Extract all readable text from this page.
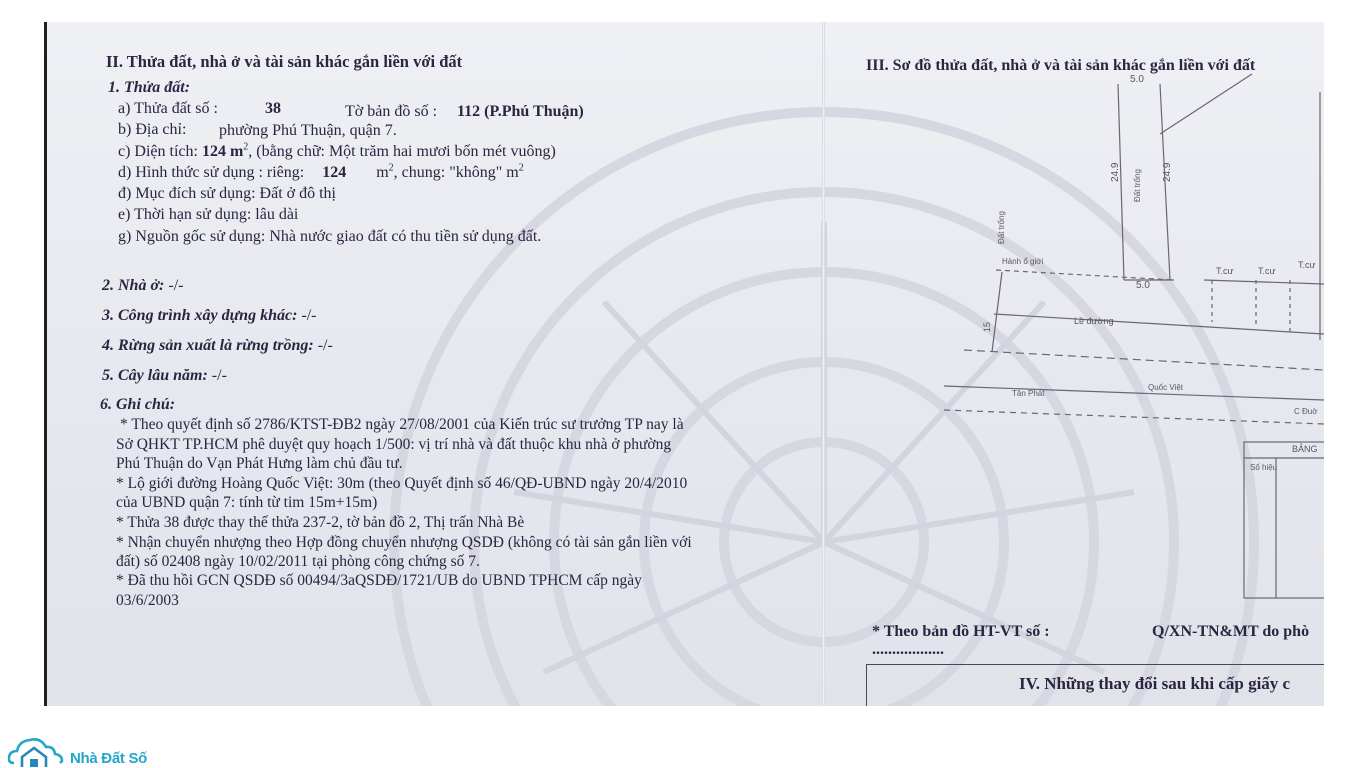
II. Thửa đất, nhà ở và tài sản khác gắn liền với đất
1. Thửa đất:
a) Thửa đất số :	38	Tờ bản đồ số : 112 (P.Phú Thuận)
b) Địa chỉ: phường Phú Thuận, quận 7.
c) Diện tích: 124 $m^2$, (bằng chữ: Một trăm hai mươi bốn mét vuông)
d) Hình thức sử dụng : riêng: 124 $m^2$, chung: "không" $m^2$
đ) Mục đích sử dụng: Đất ở đô thị
e) Thời hạn sử dụng: lâu dài
g) Nguồn gốc sử dụng: Nhà nước giao đất có thu tiền sử dụng đất.
2. Nhà ở: -/-
3. Công trình xây dựng khác: -/-
4. Rừng sản xuất là rừng trồng: -/-
5. Cây lâu năm: -/-
6. Ghi chú:
* Theo quyết định số 2786/KTST-ĐB2 ngày 27/08/2001 của Kiến trúc sư trưởng TP nay là
Sở QHKT TP.HCM phê duyệt quy hoạch 1/500: vị trí nhà và đất thuộc khu nhà ở phường
Phú Thuận do Vạn Phát Hưng làm chủ đầu tư.
* Lộ giới đường Hoàng Quốc Việt: 30m (theo Quyết định số 46/QĐ-UBND ngày 20/4/2010
của UBND quận 7: tính từ tim 15m+15m)
* Thửa 38 được thay thế thửa 237-2, tờ bản đồ 2, Thị trấn Nhà Bè
* Nhận chuyển nhượng theo Hợp đồng chuyển nhượng QSDĐ (không có tài sản gắn liền với
đất) số 02408 ngày 10/02/2011 tại phòng công chứng số 7.
* Đã thu hồi GCN QSDĐ số 00494/3aQSDĐ/1721/UB do UBND TPHCM cấp ngày
03/6/2003
III. Sơ đồ thửa đất, nhà ở và tài sản khác gắn liền với đất
5.0
5.0
24.9	24.9
Đất trống
Đất trống
Hành ổ giới
T.cư	T.cư
T.cư
Lề đường
15
Tân Phát
Quốc Việt
C Đuờ
BẢNG
Số hiệu
* Theo bản đồ HT-VT số :	Q/XN-TN&MT do phò
..................
IV. Những thay đổi sau khi cấp giấy c
Nhà Đất Số
